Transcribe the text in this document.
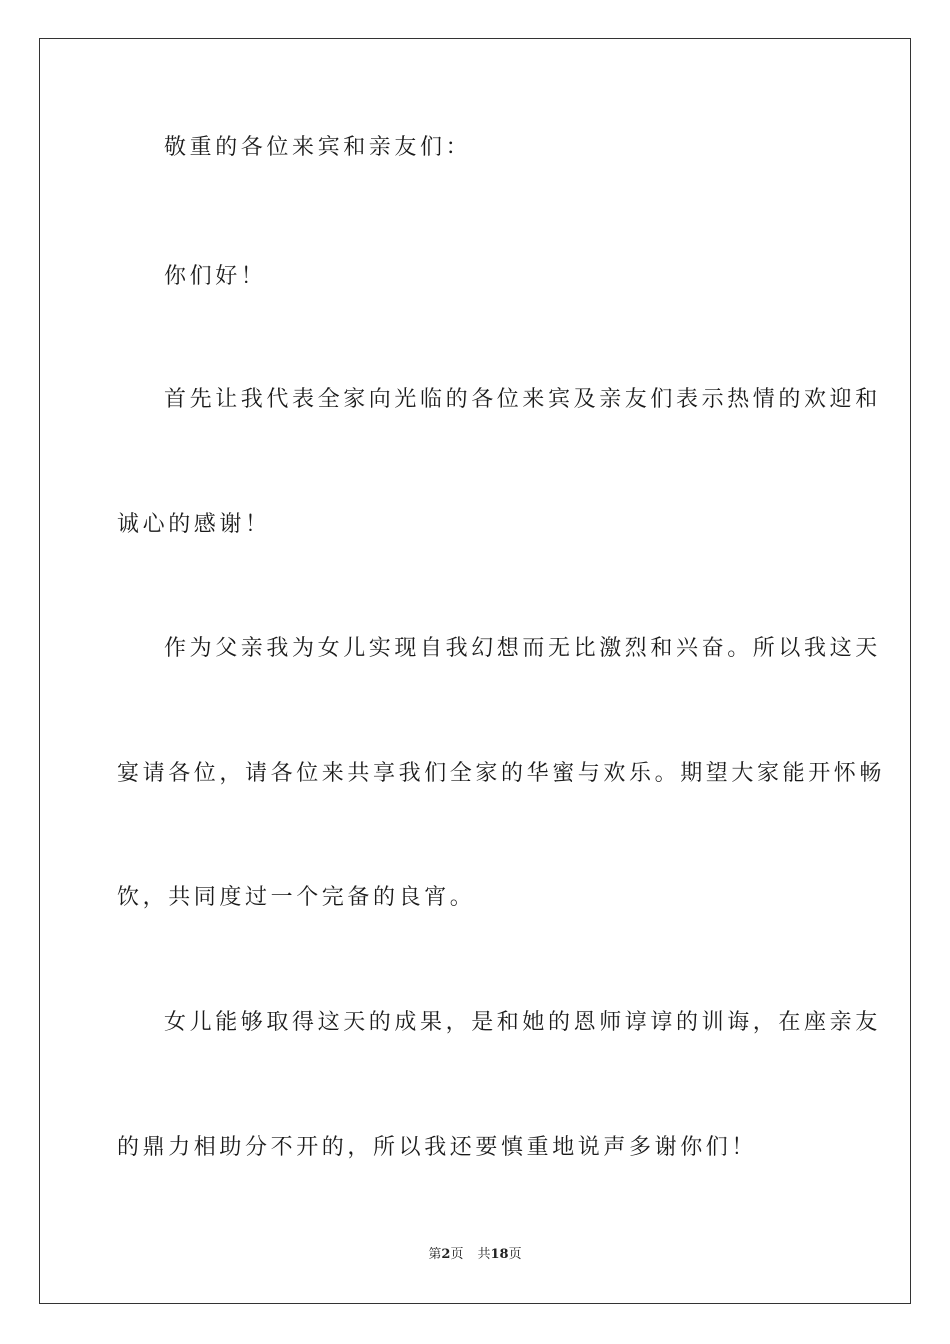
敬重的各位来宾和亲友们：
你们好！
首先让我代表全家向光临的各位来宾及亲友们表示热情的欢迎和
诚心的感谢！
作为父亲我为女儿实现自我幻想而无比激烈和兴奋。所以我这天
宴请各位，请各位来共享我们全家的华蜜与欢乐。期望大家能开怀畅
饮，共同度过一个完备的良宵。
女儿能够取得这天的成果，是和她的恩师谆谆的训诲，在座亲友
的鼎力相助分不开的，所以我还要慎重地说声多谢你们！
第2页 共18页
